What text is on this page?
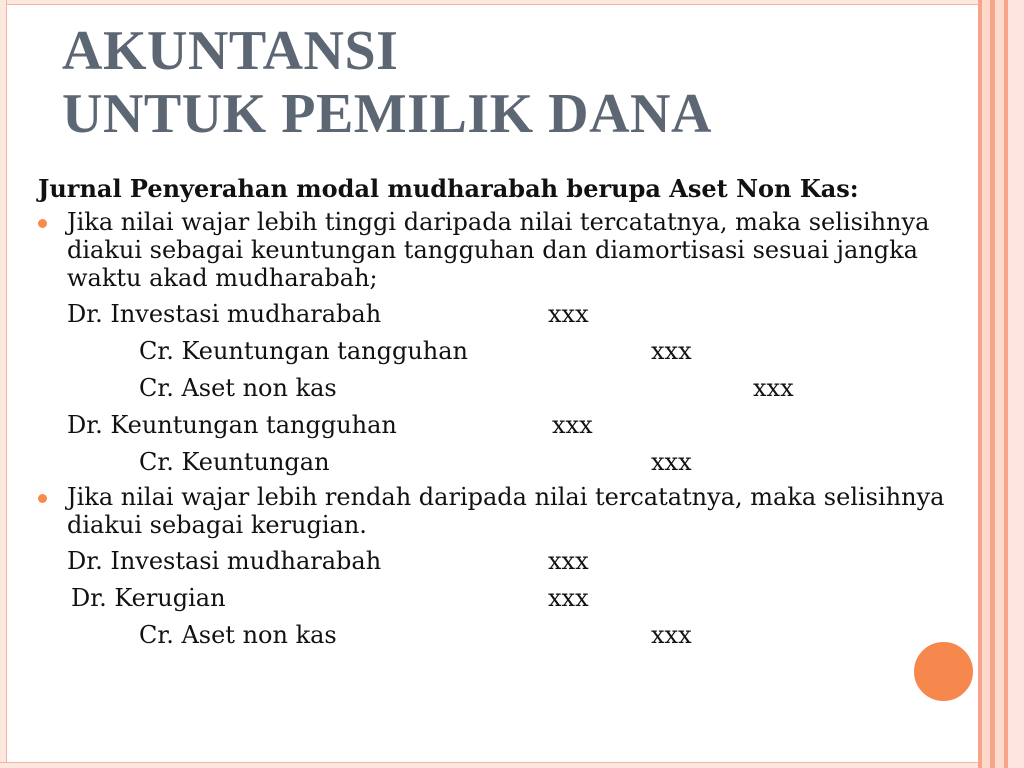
AKUNTANSI
UNTUK PEMILIK DANA
Jurnal Penyerahan modal mudharabah berupa Aset Non Kas:
Jika nilai wajar lebih tinggi daripada nilai tercatatnya, maka selisihnya diakui sebagai keuntungan tangguhan dan diamortisasi sesuai jangka waktu akad mudharabah;
Dr. Investasi mudharabah	xxx
Cr. Keuntungan tangguhan	xxx
Cr. Aset non kas	xxx
Dr. Keuntungan tangguhan	xxx
Cr. Keuntungan	xxx
Jika nilai wajar lebih rendah daripada nilai tercatatnya, maka selisihnya diakui sebagai kerugian.
Dr. Investasi mudharabah	xxx
Dr. Kerugian	xxx
Cr. Aset non kas	xxx
